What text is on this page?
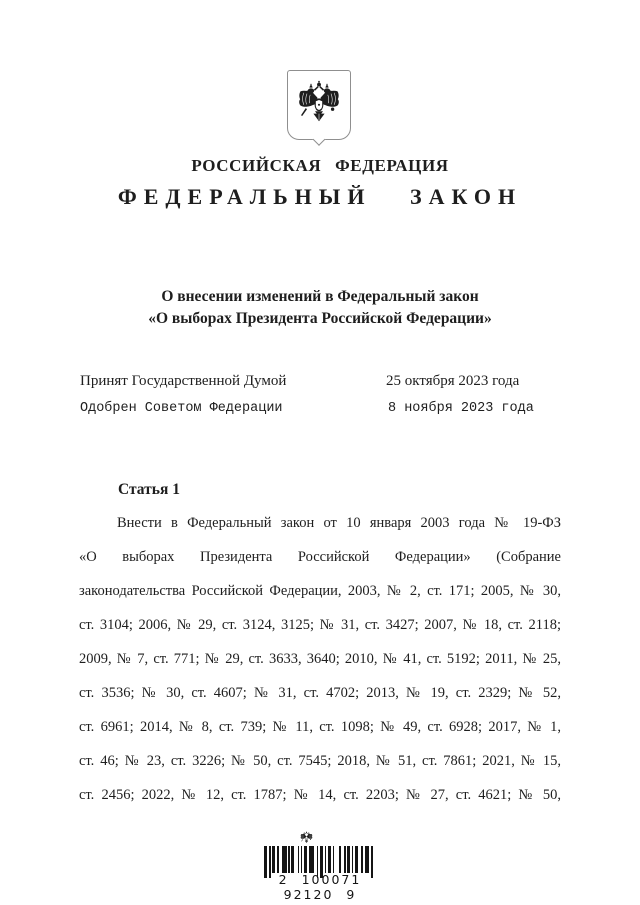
РОССИЙСКАЯ ФЕДЕРАЦИЯ
ФЕДЕРАЛЬНЫЙ ЗАКОН
О внесении изменений в Федеральный закон
«О выборах Президента Российской Федерации»
Принят Государственной Думой	25 октября 2023 года
Одобрен Советом Федерации	8 ноября 2023 года
Статья 1
Внести в Федеральный закон от 10 января 2003 года № 19-ФЗ
«О выборах Президента Российской Федерации» (Собрание
законодательства Российской Федерации, 2003, № 2, ст. 171; 2005, № 30,
ст. 3104; 2006, № 29, ст. 3124, 3125; № 31, ст. 3427; 2007, № 18, ст. 2118;
2009, № 7, ст. 771; № 29, ст. 3633, 3640; 2010, № 41, ст. 5192; 2011, № 25,
ст. 3536; № 30, ст. 4607; № 31, ст. 4702; 2013, № 19, ст. 2329; № 52,
ст. 6961; 2014, № 8, ст. 739; № 11, ст. 1098; № 49, ст. 6928; 2017, № 1,
ст. 46; № 23, ст. 3226; № 50, ст. 7545; 2018, № 51, ст. 7861; 2021, № 15,
ст. 2456; 2022, № 12, ст. 1787; № 14, ст. 2203; № 27, ст. 4621; № 50,
2 100071 92120 9
